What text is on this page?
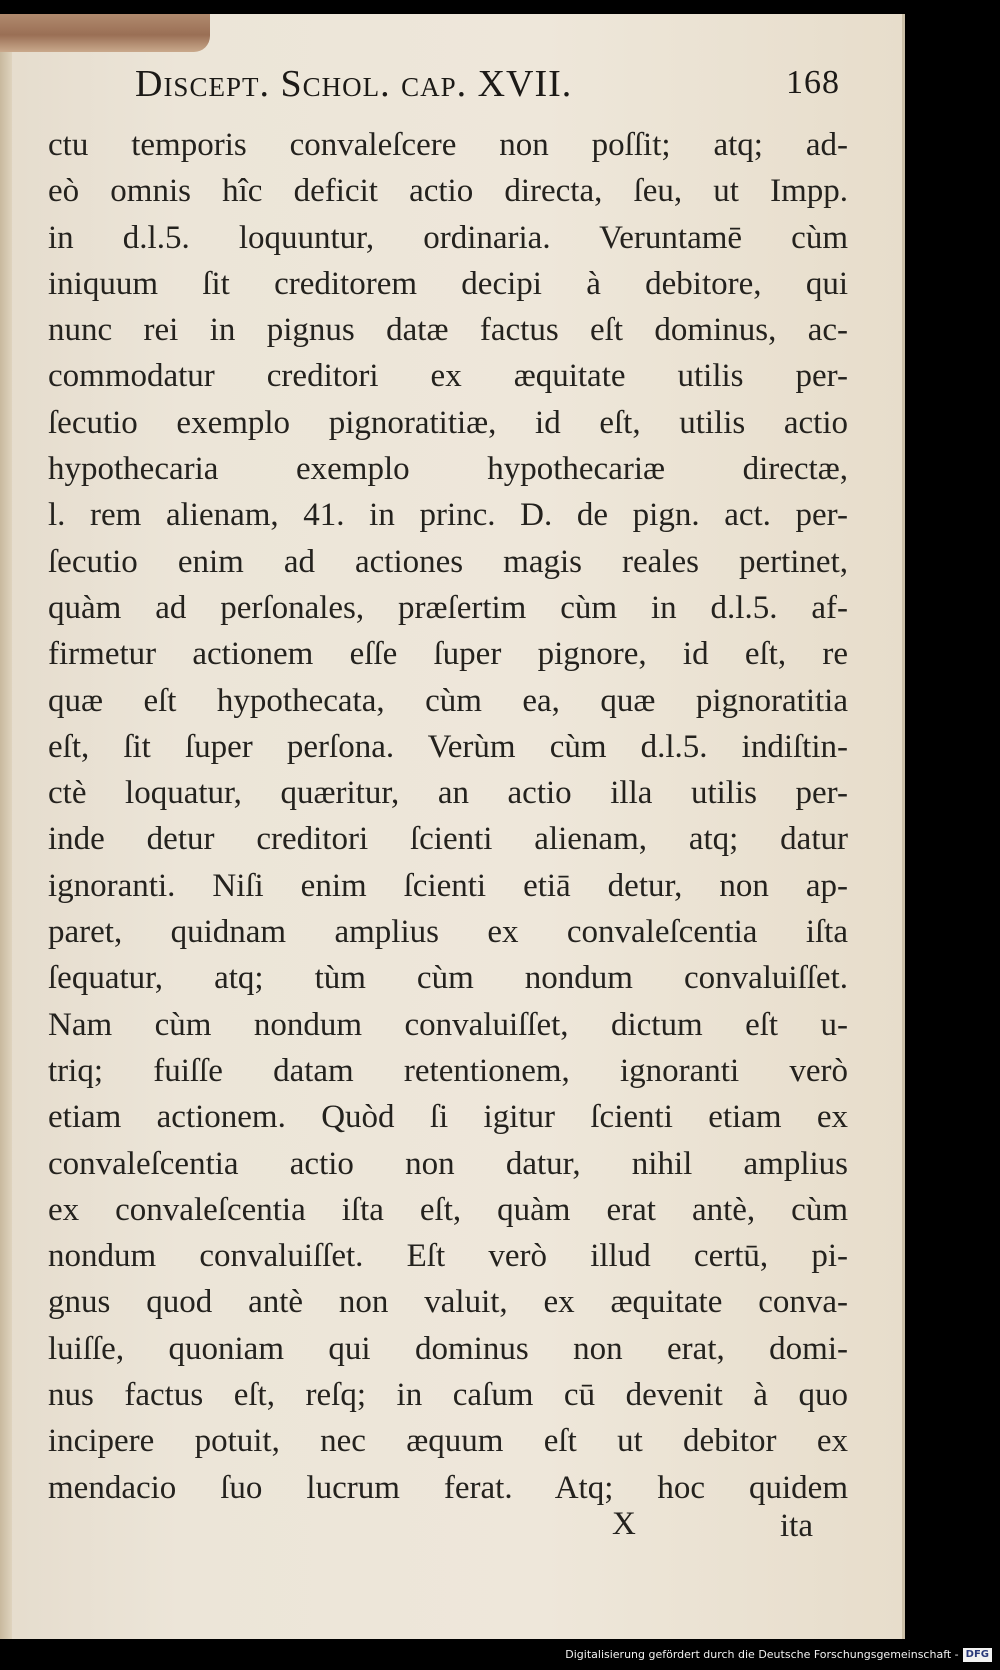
Discept. Schol. cap. XVII.	168
ctu temporis convaleſcere non poſſit; atq; ad-
eò omnis hîc deficit actio directa, ſeu, ut Impp.
in d.l.5. loquuntur, ordinaria. Veruntamē cùm
iniquum ſit creditorem decipi à debitore, qui
nunc rei in pignus datæ factus eſt dominus, ac-
commodatur creditori ex æquitate utilis per-
ſecutio exemplo pignoratitiæ, id eſt, utilis actio
hypothecaria exemplo hypothecariæ directæ,
l. rem alienam, 41. in princ. D. de pign. act. per-
ſecutio enim ad actiones magis reales pertinet,
quàm ad perſonales, præſertim cùm in d.l.5. af-
firmetur actionem eſſe ſuper pignore, id eſt, re
quæ eſt hypothecata, cùm ea, quæ pignoratitia
eſt, ſit ſuper perſona. Verùm cùm d.l.5. indiſtin-
ctè loquatur, quæritur, an actio illa utilis per-
inde detur creditori ſcienti alienam, atq; datur
ignoranti. Niſi enim ſcienti etiā detur, non ap-
paret, quidnam amplius ex convaleſcentia iſta
ſequatur, atq; tùm cùm nondum convaluiſſet.
Nam cùm nondum convaluiſſet, dictum eſt u-
triq; fuiſſe datam retentionem, ignoranti verò
etiam actionem. Quòd ſi igitur ſcienti etiam ex
convaleſcentia actio non datur, nihil amplius
ex convaleſcentia iſta eſt, quàm erat antè, cùm
nondum convaluiſſet. Eſt verò illud certū, pi-
gnus quod antè non valuit, ex æquitate conva-
luiſſe, quoniam qui dominus non erat, domi-
nus factus eſt, reſq; in caſum cū devenit à quo
incipere potuit, nec æquum eſt ut debitor ex
mendacio ſuo lucrum ferat. Atq; hoc quidem
X	ita
Digitalisierung gefördert durch die Deutsche Forschungsgemeinschaft - DFG
